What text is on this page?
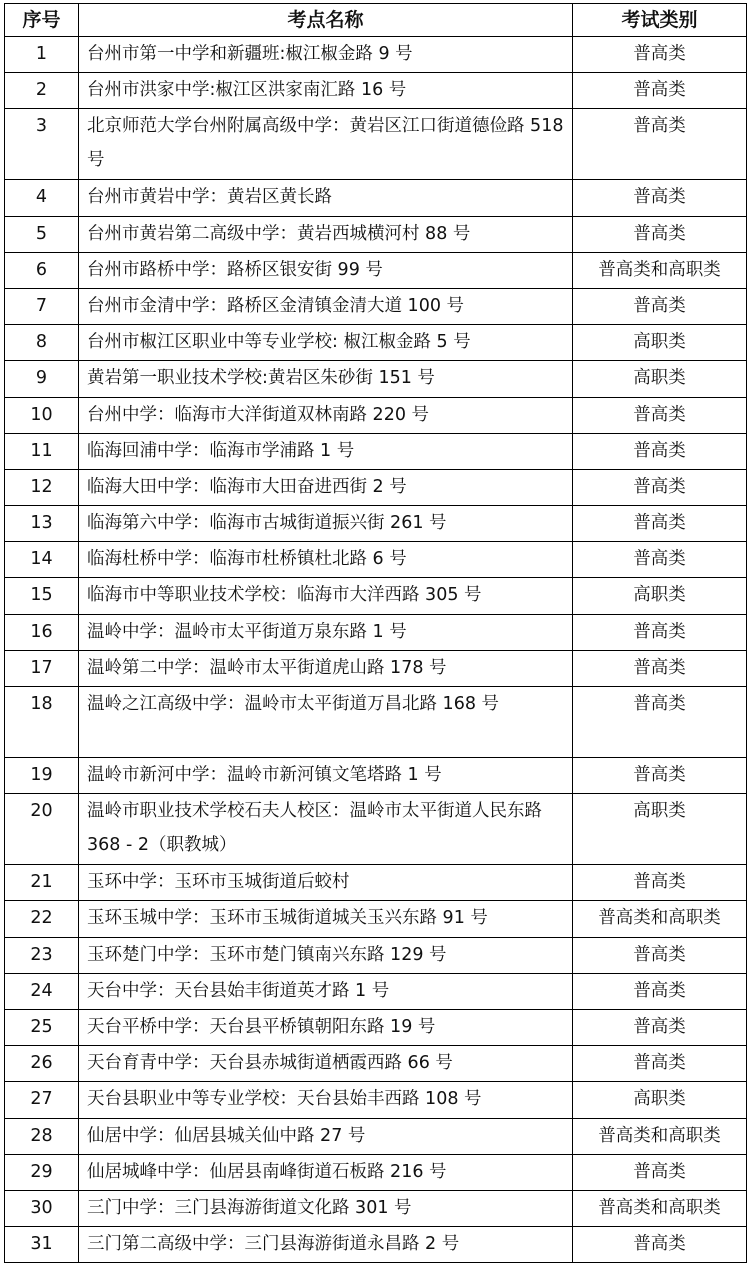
序号	考点名称	考试类别
1	台州市第一中学和新疆班:椒江椒金路 9 号	普高类
2	台州市洪家中学:椒江区洪家南汇路 16 号	普高类
3	北京师范大学台州附属高级中学：黄岩区江口街道德俭路 518 号	普高类
4	台州市黄岩中学：黄岩区黄长路	普高类
5	台州市黄岩第二高级中学：黄岩西城横河村 88 号	普高类
6	台州市路桥中学：路桥区银安街 99 号	普高类和高职类
7	台州市金清中学：路桥区金清镇金清大道 100 号	普高类
8	台州市椒江区职业中等专业学校: 椒江椒金路 5 号	高职类
9	黄岩第一职业技术学校:黄岩区朱砂街 151 号	高职类
10	台州中学：临海市大洋街道双林南路 220 号	普高类
11	临海回浦中学：临海市学浦路 1 号	普高类
12	临海大田中学：临海市大田奋进西街 2 号	普高类
13	临海第六中学：临海市古城街道振兴街 261 号	普高类
14	临海杜桥中学：临海市杜桥镇杜北路 6 号	普高类
15	临海市中等职业技术学校：临海市大洋西路 305 号	高职类
16	温岭中学：温岭市太平街道万泉东路 1 号	普高类
17	温岭第二中学：温岭市太平街道虎山路 178 号	普高类
18	温岭之江高级中学：温岭市太平街道万昌北路 168 号	普高类
19	温岭市新河中学：温岭市新河镇文笔塔路 1 号	普高类
20	温岭市职业技术学校石夫人校区：温岭市太平街道人民东路 368 - 2（职教城）	高职类
21	玉环中学：玉环市玉城街道后蛟村	普高类
22	玉环玉城中学：玉环市玉城街道城关玉兴东路 91 号	普高类和高职类
23	玉环楚门中学：玉环市楚门镇南兴东路 129 号	普高类
24	天台中学：天台县始丰街道英才路 1 号	普高类
25	天台平桥中学：天台县平桥镇朝阳东路 19 号	普高类
26	天台育青中学：天台县赤城街道栖霞西路 66 号	普高类
27	天台县职业中等专业学校：天台县始丰西路 108 号	高职类
28	仙居中学：仙居县城关仙中路 27 号	普高类和高职类
29	仙居城峰中学：仙居县南峰街道石板路 216 号	普高类
30	三门中学：三门县海游街道文化路 301 号	普高类和高职类
31	三门第二高级中学：三门县海游街道永昌路 2 号	普高类
